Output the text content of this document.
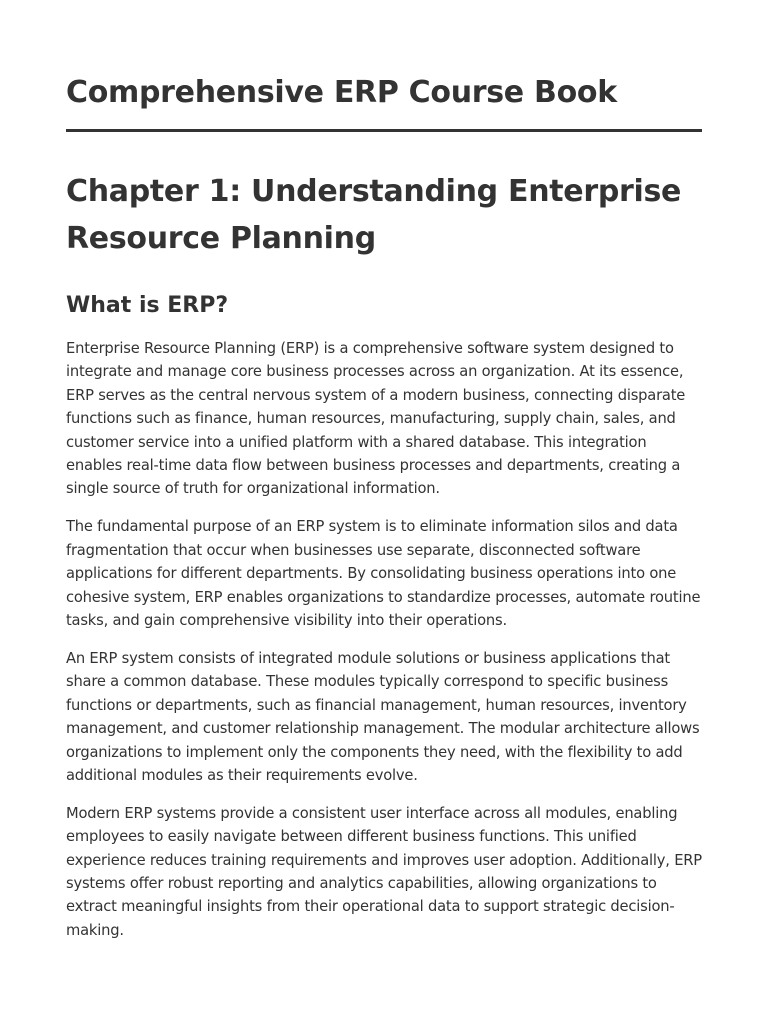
Comprehensive ERP Course Book
Chapter 1: Understanding Enterprise Resource Planning
What is ERP?

Enterprise Resource Planning (ERP) is a comprehensive software system designed to integrate and manage core business processes across an organization. At its essence, ERP serves as the central nervous system of a modern business, connecting disparate functions such as finance, human resources, manufacturing, supply chain, sales, and customer service into a unified platform with a shared database. This integration enables real-time data flow between business processes and departments, creating a single source of truth for organizational information.

The fundamental purpose of an ERP system is to eliminate information silos and data fragmentation that occur when businesses use separate, disconnected software applications for different departments. By consolidating business operations into one cohesive system, ERP enables organizations to standardize processes, automate routine tasks, and gain comprehensive visibility into their operations.

An ERP system consists of integrated module solutions or business applications that share a common database. These modules typically correspond to specific business functions or departments, such as financial management, human resources, inventory management, and customer relationship management. The modular architecture allows organizations to implement only the components they need, with the flexibility to add additional modules as their requirements evolve.

Modern ERP systems provide a consistent user interface across all modules, enabling employees to easily navigate between different business functions. This unified experience reduces training requirements and improves user adoption. Additionally, ERP systems offer robust reporting and analytics capabilities, allowing organizations to extract meaningful insights from their operational data to support strategic decision-making.
